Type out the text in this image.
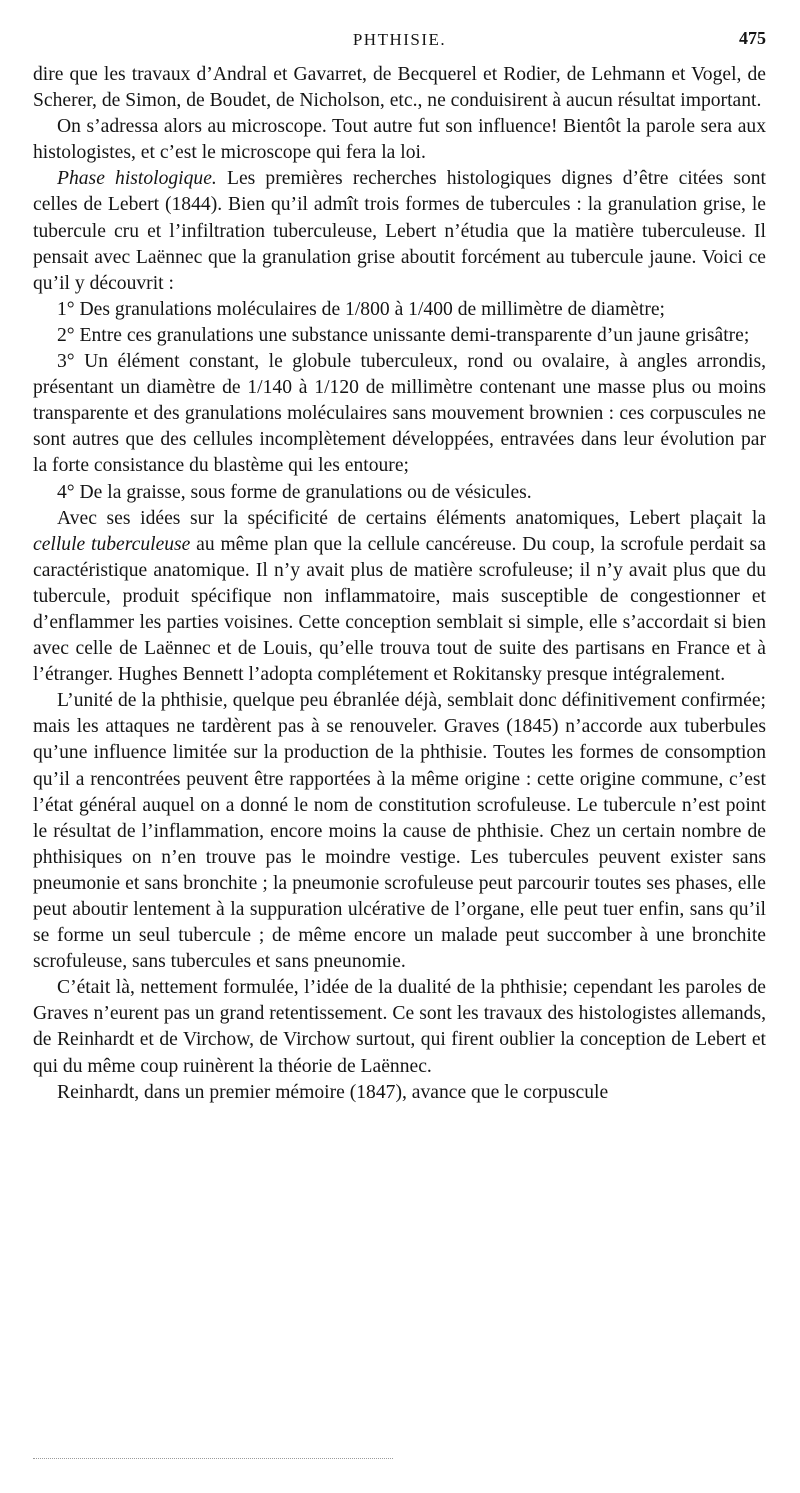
PHTHISIE.	475

dire que les travaux d’Andral et Gavarret, de Becquerel et Rodier, de Lehmann et Vogel, de Scherer, de Simon, de Boudet, de Nicholson, etc., ne conduisirent à aucun résultat important.

On s’adressa alors au microscope. Tout autre fut son influence! Bientôt la parole sera aux histologistes, et c’est le microscope qui fera la loi.

Phase histologique. Les premières recherches histologiques dignes d’être citées sont celles de Lebert (1844). Bien qu’il admît trois formes de tubercules : la granulation grise, le tubercule cru et l’infiltration tuberculeuse, Lebert n’étudia que la matière tuberculeuse. Il pensait avec Laënnec que la granulation grise aboutit forcément au tubercule jaune. Voici ce qu’il y découvrit :

1° Des granulations moléculaires de 1/800 à 1/400 de millimètre de diamètre;

2° Entre ces granulations une substance unissante demi-transparente d’un jaune grisâtre;

3° Un élément constant, le globule tuberculeux, rond ou ovalaire, à angles arrondis, présentant un diamètre de 1/140 à 1/120 de millimètre contenant une masse plus ou moins transparente et des granulations moléculaires sans mouvement brownien : ces corpuscules ne sont autres que des cellules incomplètement développées, entravées dans leur évolution par la forte consistance du blastème qui les entoure;

4° De la graisse, sous forme de granulations ou de vésicules.

Avec ses idées sur la spécificité de certains éléments anatomiques, Lebert plaçait la cellule tuberculeuse au même plan que la cellule cancéreuse. Du coup, la scrofule perdait sa caractéristique anatomique. Il n’y avait plus de matière scrofuleuse; il n’y avait plus que du tubercule, produit spécifique non inflammatoire, mais susceptible de congestionner et d’enflammer les parties voisines. Cette conception semblait si simple, elle s’accordait si bien avec celle de Laënnec et de Louis, qu’elle trouva tout de suite des partisans en France et à l’étranger. Hughes Bennett l’adopta complétement et Rokitansky presque intégralement.

L’unité de la phthisie, quelque peu ébranlée déjà, semblait donc définitivement confirmée; mais les attaques ne tardèrent pas à se renouveler. Graves (1845) n’accorde aux tuberbules qu’une influence limitée sur la production de la phthisie. Toutes les formes de consomption qu’il a rencontrées peuvent être rapportées à la même origine : cette origine commune, c’est l’état général auquel on a donné le nom de constitution scrofuleuse. Le tubercule n’est point le résultat de l’inflammation, encore moins la cause de phthisie. Chez un certain nombre de phthisiques on n’en trouve pas le moindre vestige. Les tubercules peuvent exister sans pneumonie et sans bronchite ; la pneumonie scrofuleuse peut parcourir toutes ses phases, elle peut aboutir lentement à la suppuration ulcérative de l’organe, elle peut tuer enfin, sans qu’il se forme un seul tubercule ; de même encore un malade peut succomber à une bronchite scrofuleuse, sans tubercules et sans pneunomie.

C’était là, nettement formulée, l’idée de la dualité de la phthisie; cependant les paroles de Graves n’eurent pas un grand retentissement. Ce sont les travaux des histologistes allemands, de Reinhardt et de Virchow, de Virchow surtout, qui firent oublier la conception de Lebert et qui du même coup ruinèrent la théorie de Laënnec.

Reinhardt, dans un premier mémoire (1847), avance que le corpuscule
